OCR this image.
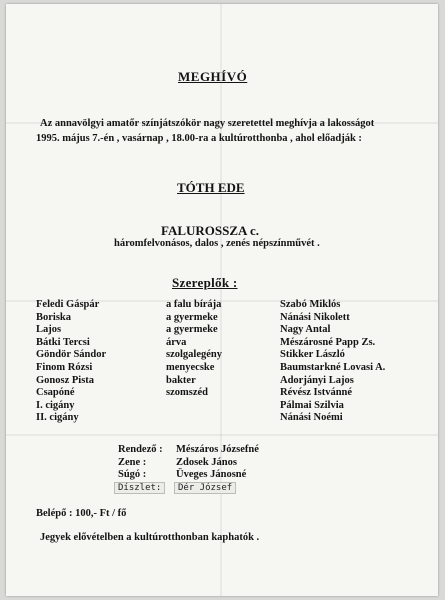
MEGHÍVÓ
Az annavölgyi amatőr színjátszókör nagy szeretettel meghívja a lakosságot
1995. május 7.-én , vasárnap , 18.00-ra a kultúrotthonba , ahol előadják :
TÓTH EDE
FALUROSSZA c.
háromfelvonásos, dalos , zenés népszínművét .
Szereplők :
Feledi Gáspár
Boriska
Lajos
Bátki Tercsi
Göndör Sándor
Finom Rózsi
Gonosz Pista
Csapóné
I. cigány
II. cigány
a falu bírája
a gyermeke
a gyermeke
árva
szolgalegény
menyecske
bakter
szomszéd
Szabó Miklós
Nánási Nikolett
Nagy Antal
Mészárosné Papp Zs.
Stikker László
Baumstarkné Lovasi A.
Adorjányi Lajos
Révész Istvánné
Pálmai Szilvia
Nánási Noémi
Rendező :
Zene :
Súgó :
Mészáros Józsefné
Zdosek János
Üveges Jánosné
Díszlet:	Dér József
Belépő : 100,- Ft / fő
Jegyek elővételben a kultúrotthonban kaphatók .
